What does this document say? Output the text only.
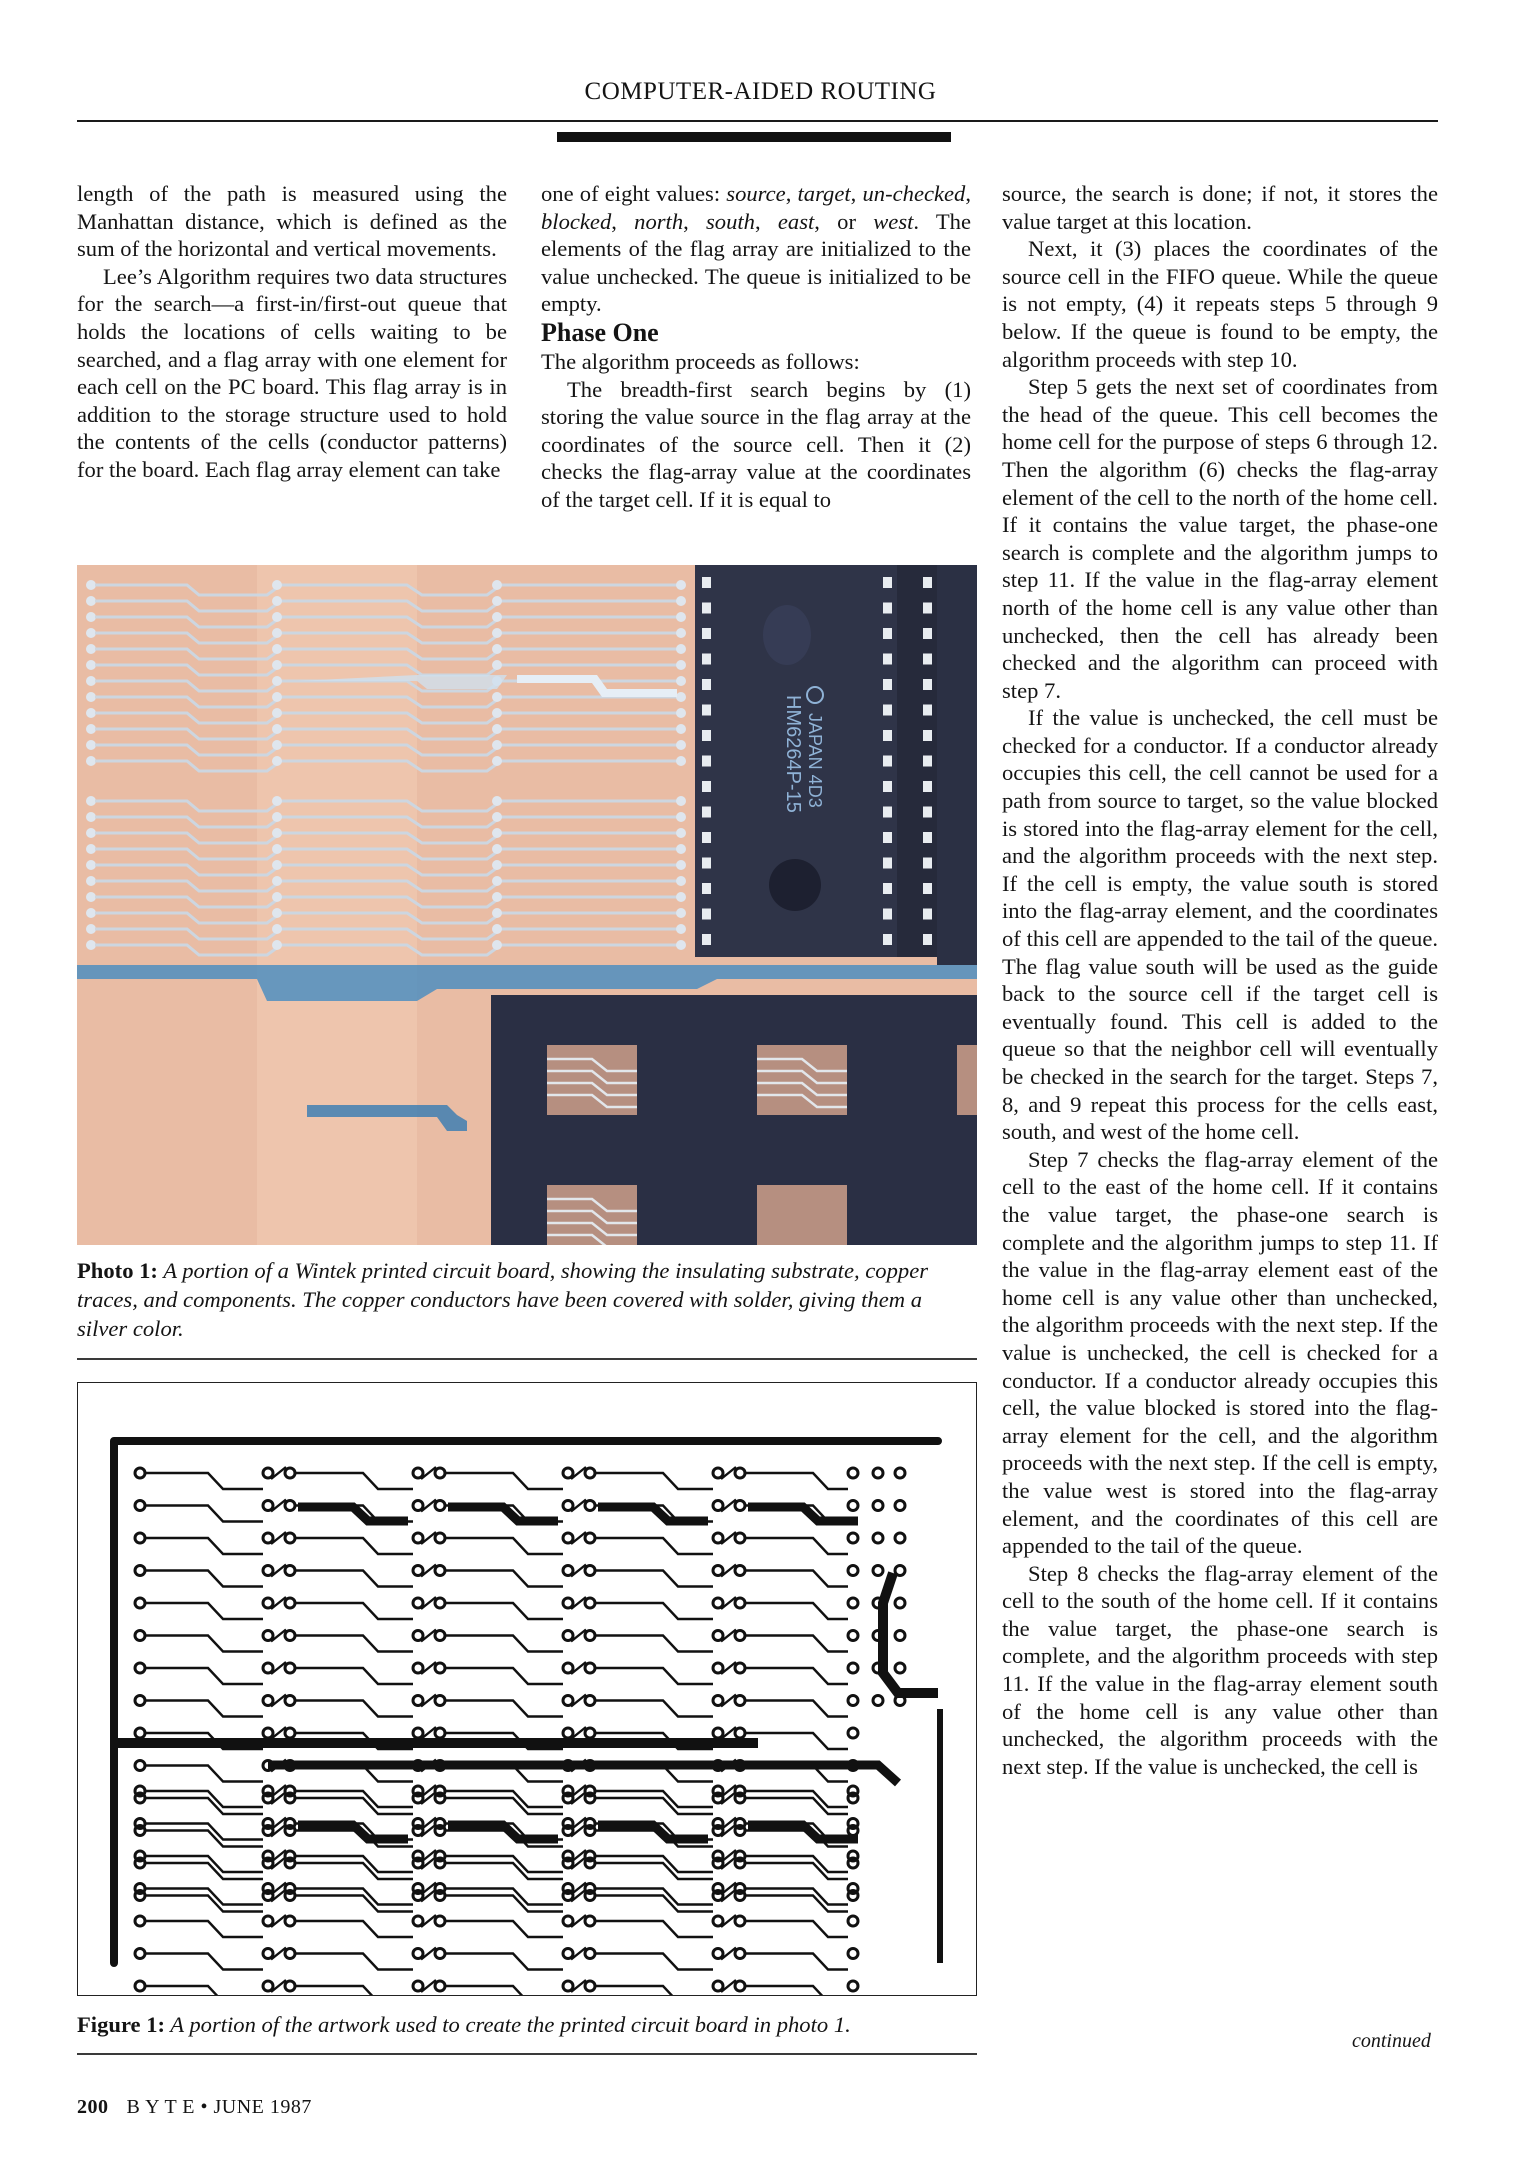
COMPUTER-AIDED ROUTING

length of the path is measured using the Manhattan distance, which is defined as the sum of the horizontal and vertical movements.

Lee’s Algorithm requires two data structures for the search—a first-in/first-out queue that holds the locations of cells waiting to be searched, and a flag array with one element for each cell on the PC board. This flag array is in addition to the storage structure used to hold the contents of the cells (conductor patterns) for the board. Each flag array element can take

one of eight values: source, target, un-checked, blocked, north, south, east, or west. The elements of the flag array are initialized to the value unchecked. The queue is initialized to be empty.

Phase One

The algorithm proceeds as follows:

The breadth-first search begins by (1) storing the value source in the flag array at the coordinates of the source cell. Then it (2) checks the flag-array value at the coordinates of the target cell. If it is equal to

source, the search is done; if not, it stores the value target at this location.

Next, it (3) places the coordinates of the source cell in the FIFO queue. While the queue is not empty, (4) it repeats steps 5 through 9 below. If the queue is found to be empty, the algorithm proceeds with step 10.

Step 5 gets the next set of coordinates from the head of the queue. This cell becomes the home cell for the purpose of steps 6 through 12. Then the algorithm (6) checks the flag-array element of the cell to the north of the home cell. If it contains the value target, the phase-one search is complete and the algorithm jumps to step 11. If the value in the flag-array element north of the home cell is any value other than unchecked, then the cell has already been checked and the algorithm can proceed with step 7.

If the value is unchecked, the cell must be checked for a conductor. If a conductor already occupies this cell, the cell cannot be used for a path from source to target, so the value blocked is stored into the flag-array element for the cell, and the algorithm proceeds with the next step. If the cell is empty, the value south is stored into the flag-array element, and the coordinates of this cell are appended to the tail of the queue. The flag value south will be used as the guide back to the source cell if the target cell is eventually found. This cell is added to the queue so that the neighbor cell will eventually be checked in the search for the target. Steps 7, 8, and 9 repeat this process for the cells east, south, and west of the home cell.

Step 7 checks the flag-array element of the cell to the east of the home cell. If it contains the value target, the phase-one search is complete and the algorithm jumps to step 11. If the value in the flag-array element east of the home cell is any value other than unchecked, the algorithm proceeds with the next step. If the value is unchecked, the cell is checked for a conductor. If a conductor already occupies this cell, the value blocked is stored into the flag-array element for the cell, and the algorithm proceeds with the next step. If the cell is empty, the value west is stored into the flag-array element, and the coordinates of this cell are appended to the tail of the queue.

Step 8 checks the flag-array element of the cell to the south of the home cell. If it contains the value target, the phase-one search is complete, and the algorithm proceeds with step 11. If the value in the flag-array element south of the home cell is any value other than unchecked, the algorithm proceeds with the next step. If the value is unchecked, the cell is

continued
JAPAN 4D3
HM6264P-15
Photo 1: A portion of a Wintek printed circuit board, showing the insulating substrate, copper traces, and components. The copper conductors have been covered with solder, giving them a silver color.
Figure 1: A portion of the artwork used to create the printed circuit board in photo 1.
200 B Y T E • JUNE 1987
